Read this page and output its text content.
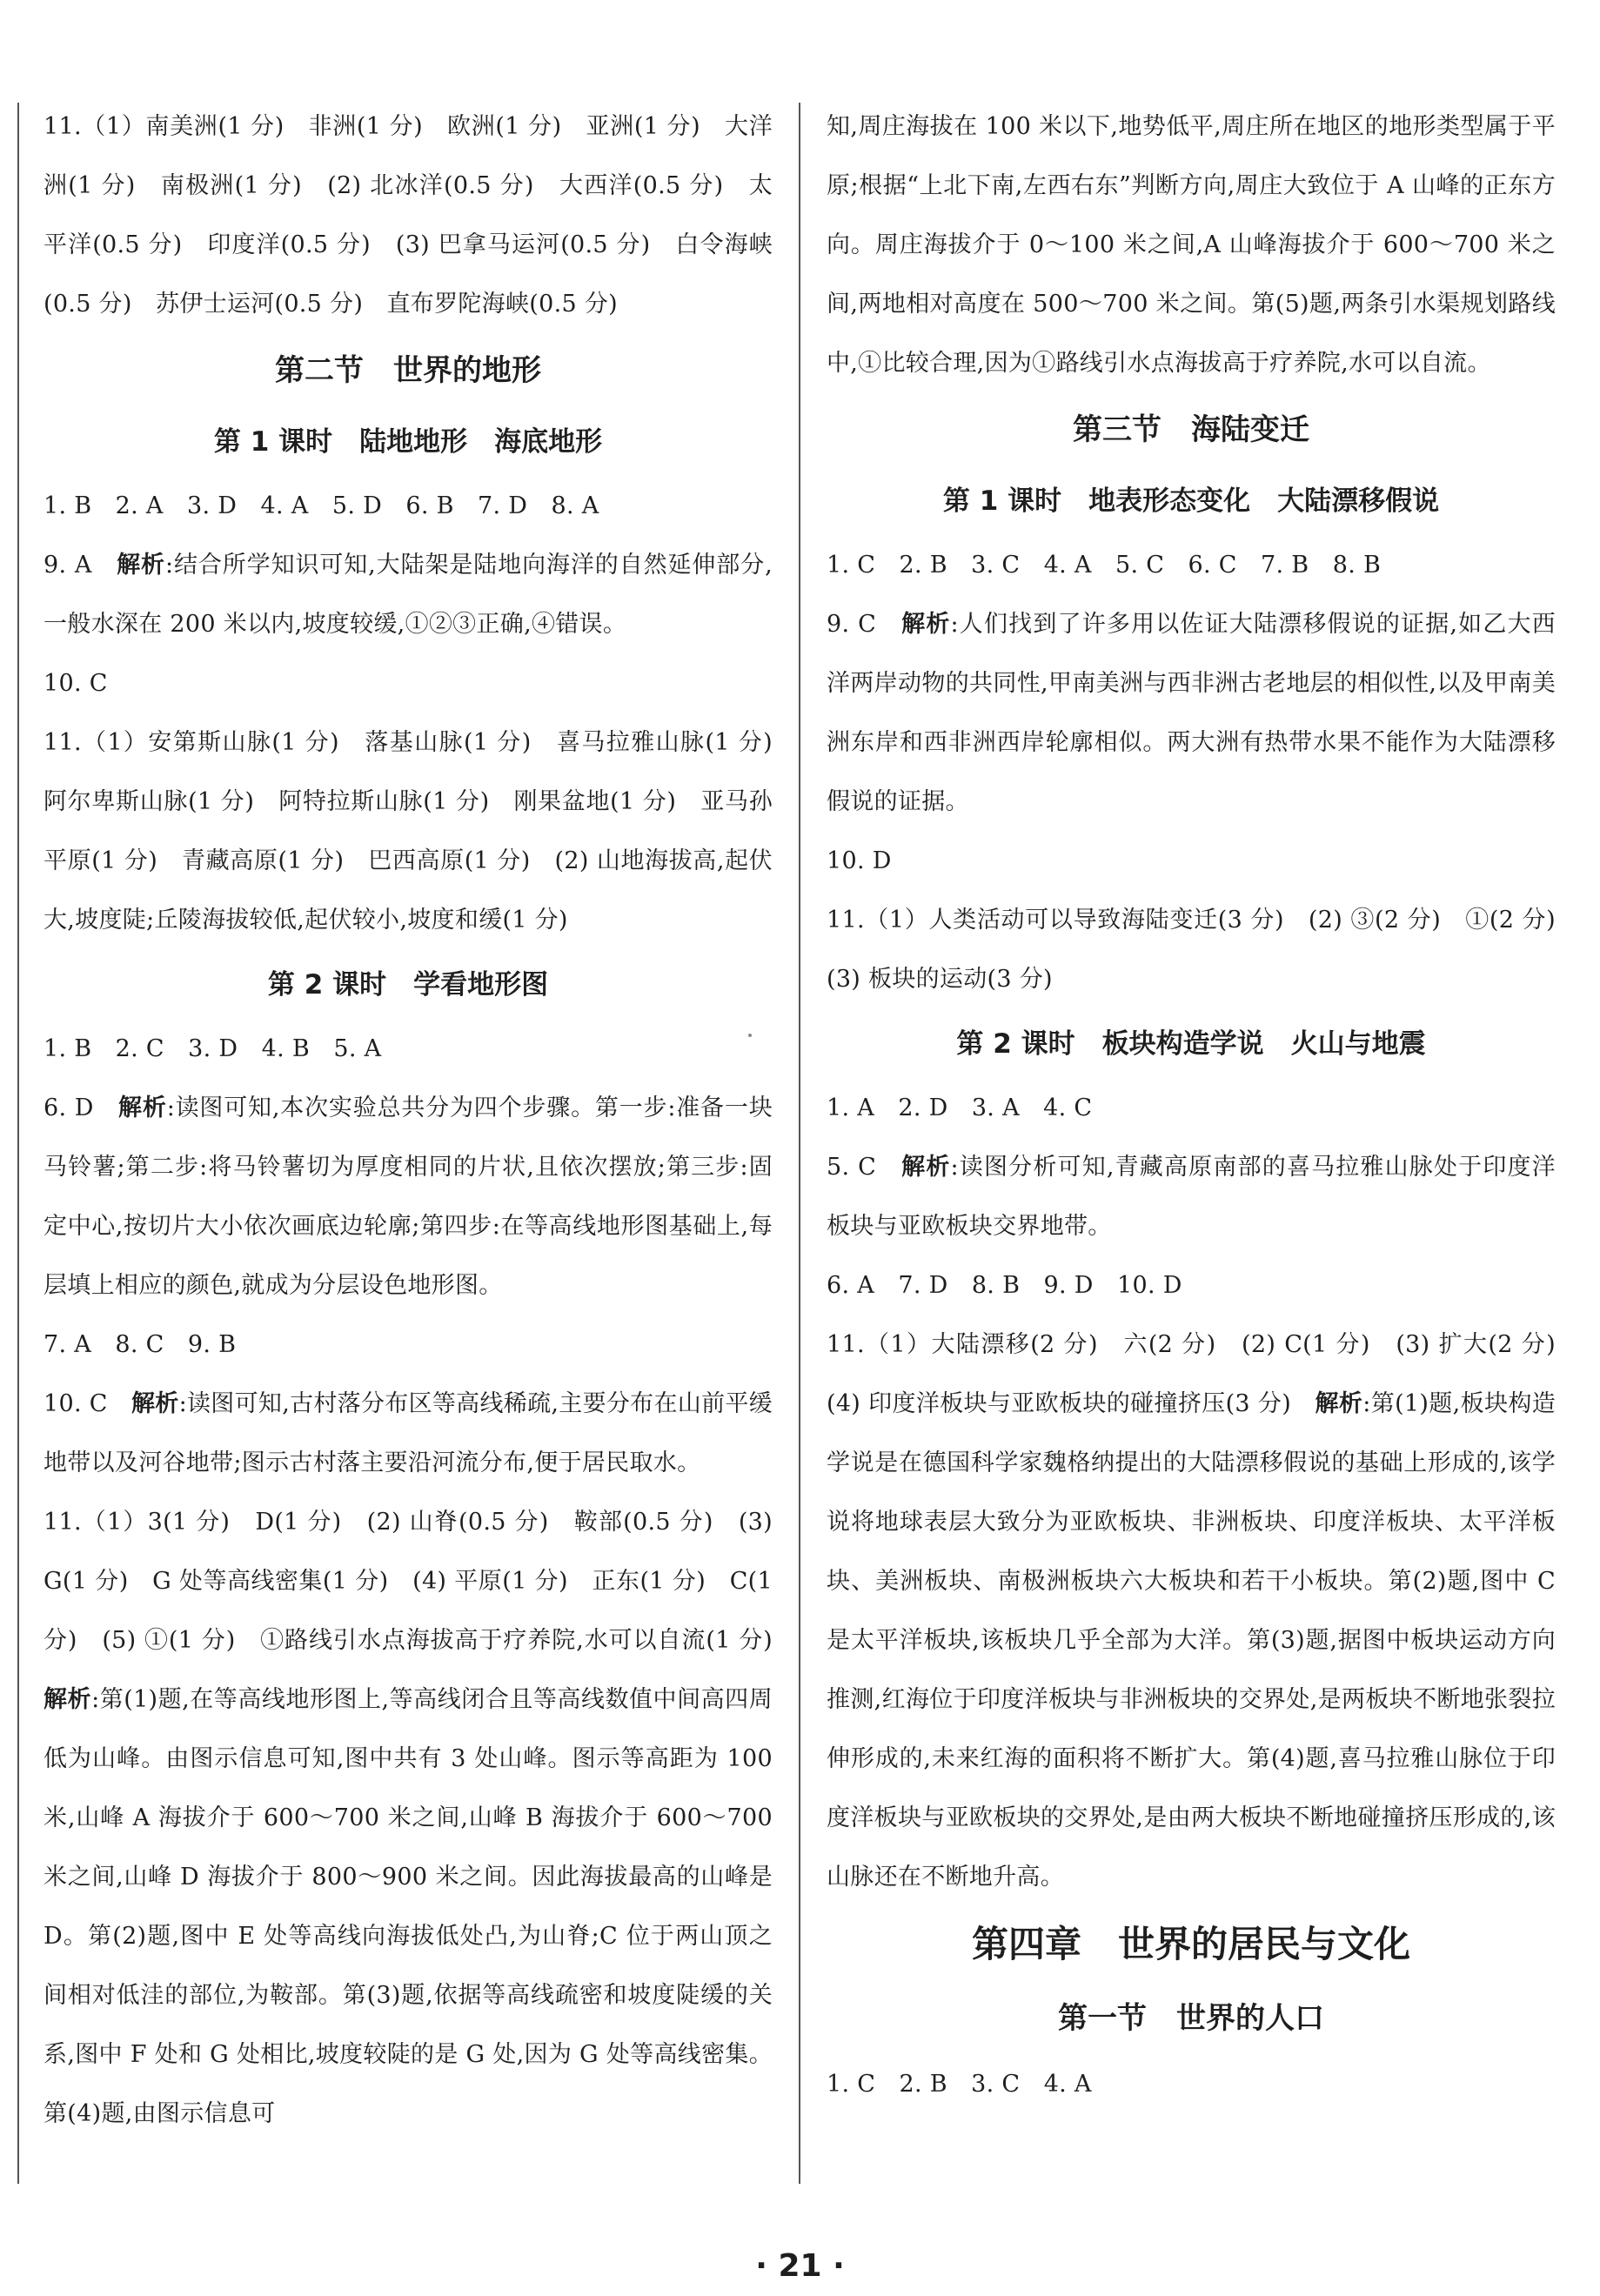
11.（1）南美洲(1 分)　非洲(1 分)　欧洲(1 分)　亚洲(1 分)　大洋洲(1 分)　南极洲(1 分)　(2) 北冰洋(0.5 分)　大西洋(0.5 分)　太平洋(0.5 分)　印度洋(0.5 分)　(3) 巴拿马运河(0.5 分)　白令海峡(0.5 分)　苏伊士运河(0.5 分)　直布罗陀海峡(0.5 分)

第二节　世界的地形
第 1 课时　陆地地形　海底地形

1. B　2. A　3. D　4. A　5. D　6. B　7. D　8. A

9. A　解析:结合所学知识可知,大陆架是陆地向海洋的自然延伸部分,一般水深在 200 米以内,坡度较缓,①②③正确,④错误。

10. C

11.（1）安第斯山脉(1 分)　落基山脉(1 分)　喜马拉雅山脉(1 分)　阿尔卑斯山脉(1 分)　阿特拉斯山脉(1 分)　刚果盆地(1 分)　亚马孙平原(1 分)　青藏高原(1 分)　巴西高原(1 分)　(2) 山地海拔高,起伏大,坡度陡;丘陵海拔较低,起伏较小,坡度和缓(1 分)

第 2 课时　学看地形图

1. B　2. C　3. D　4. B　5. A

6. D　解析:读图可知,本次实验总共分为四个步骤。第一步:准备一块马铃薯;第二步:将马铃薯切为厚度相同的片状,且依次摆放;第三步:固定中心,按切片大小依次画底边轮廓;第四步:在等高线地形图基础上,每层填上相应的颜色,就成为分层设色地形图。

7. A　8. C　9. B

10. C　解析:读图可知,古村落分布区等高线稀疏,主要分布在山前平缓地带以及河谷地带;图示古村落主要沿河流分布,便于居民取水。

11.（1）3(1 分)　D(1 分)　(2) 山脊(0.5 分)　鞍部(0.5 分)　(3) G(1 分)　G 处等高线密集(1 分)　(4) 平原(1 分)　正东(1 分)　C(1 分)　(5) ①(1 分)　①路线引水点海拔高于疗养院,水可以自流(1 分)　解析:第(1)题,在等高线地形图上,等高线闭合且等高线数值中间高四周低为山峰。由图示信息可知,图中共有 3 处山峰。图示等高距为 100 米,山峰 A 海拔介于 600～700 米之间,山峰 B 海拔介于 600～700 米之间,山峰 D 海拔介于 800～900 米之间。因此海拔最高的山峰是 D。第(2)题,图中 E 处等高线向海拔低处凸,为山脊;C 位于两山顶之间相对低洼的部位,为鞍部。第(3)题,依据等高线疏密和坡度陡缓的关系,图中 F 处和 G 处相比,坡度较陡的是 G 处,因为 G 处等高线密集。第(4)题,由图示信息可

知,周庄海拔在 100 米以下,地势低平,周庄所在地区的地形类型属于平原;根据“上北下南,左西右东”判断方向,周庄大致位于 A 山峰的正东方向。周庄海拔介于 0～100 米之间,A 山峰海拔介于 600～700 米之间,两地相对高度在 500～700 米之间。第(5)题,两条引水渠规划路线中,①比较合理,因为①路线引水点海拔高于疗养院,水可以自流。

第三节　海陆变迁
第 1 课时　地表形态变化　大陆漂移假说

1. C　2. B　3. C　4. A　5. C　6. C　7. B　8. B

9. C　解析:人们找到了许多用以佐证大陆漂移假说的证据,如乙大西洋两岸动物的共同性,甲南美洲与西非洲古老地层的相似性,以及甲南美洲东岸和西非洲西岸轮廓相似。两大洲有热带水果不能作为大陆漂移假说的证据。

10. D

11.（1）人类活动可以导致海陆变迁(3 分)　(2) ③(2 分)　①(2 分)　(3) 板块的运动(3 分)

第 2 课时　板块构造学说　火山与地震

1. A　2. D　3. A　4. C

5. C　解析:读图分析可知,青藏高原南部的喜马拉雅山脉处于印度洋板块与亚欧板块交界地带。

6. A　7. D　8. B　9. D　10. D

11.（1）大陆漂移(2 分)　六(2 分)　(2) C(1 分)　(3) 扩大(2 分)　(4) 印度洋板块与亚欧板块的碰撞挤压(3 分)　解析:第(1)题,板块构造学说是在德国科学家魏格纳提出的大陆漂移假说的基础上形成的,该学说将地球表层大致分为亚欧板块、非洲板块、印度洋板块、太平洋板块、美洲板块、南极洲板块六大板块和若干小板块。第(2)题,图中 C 是太平洋板块,该板块几乎全部为大洋。第(3)题,据图中板块运动方向推测,红海位于印度洋板块与非洲板块的交界处,是两板块不断地张裂拉伸形成的,未来红海的面积将不断扩大。第(4)题,喜马拉雅山脉位于印度洋板块与亚欧板块的交界处,是由两大板块不断地碰撞挤压形成的,该山脉还在不断地升高。

第四章　世界的居民与文化
第一节　世界的人口

1. C　2. B　3. C　4. A

· 21 ·
